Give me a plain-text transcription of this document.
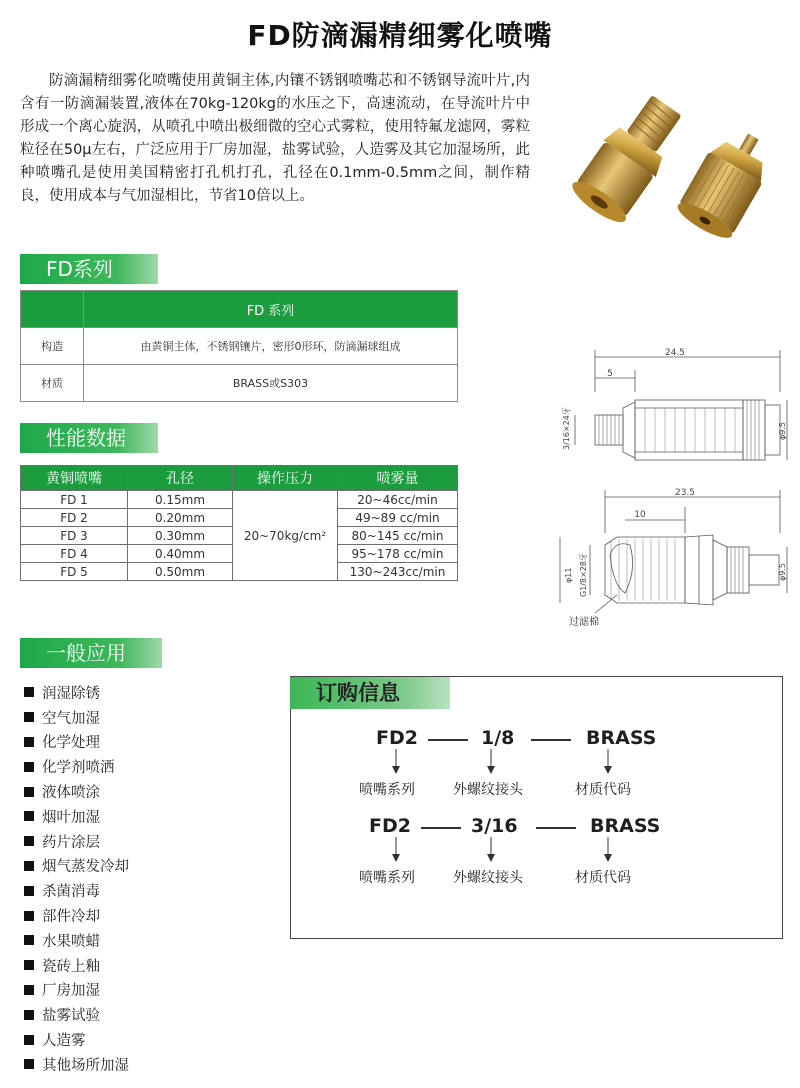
FD防滴漏精细雾化喷嘴
防滴漏精细雾化喷嘴使用黄铜主体,内镶不锈钢喷嘴芯和不锈钢导流叶片,内含有一防滴漏装置,液体在70kg-120kg的水压之下，高速流动，在导流叶片中形成一个离心旋涡，从喷孔中喷出极细微的空心式雾粒，使用特氟龙滤网，雾粒粒径在50μ左右，广泛应用于厂房加湿，盐雾试验，人造雾及其它加湿场所，此种喷嘴孔是使用美国精密打孔机打孔，孔径在0.1mm-0.5mm之间，制作精良，使用成本与气加湿相比，节省10倍以上。
FD系列
	FD 系列
构造	由黄铜主体，不锈钢镶片，密形0形环，防滴漏球组成
材质	BRASS或S303
性能数据
黄铜喷嘴	孔径	操作压力	喷雾量
FD 1	0.15mm	20~70kg/cm²	20~46cc/min
FD 2	0.20mm		49~89 cc/min
FD 3	0.30mm		80~145 cc/min
FD 4	0.40mm		95~178 cc/min
FD 5	0.50mm		130~243cc/min
24.5
5
3/16×24牙	φ9.5
23.5
10
φ11 G1/8×28牙	φ9.5
过滤棉
一般应用
润湿除锈
空气加湿
化学处理
化学剂喷洒
液体喷涂
烟叶加湿
药片涂层
烟气蒸发冷却
杀菌消毒
部件冷却
水果喷蜡
瓷砖上釉
厂房加湿
盐雾试验
人造雾
其他场所加湿
订购信息
FD2	1/8	BRASS
喷嘴系列	外螺纹接头	材质代码
FD2	3/16	BRASS
喷嘴系列	外螺纹接头	材质代码
